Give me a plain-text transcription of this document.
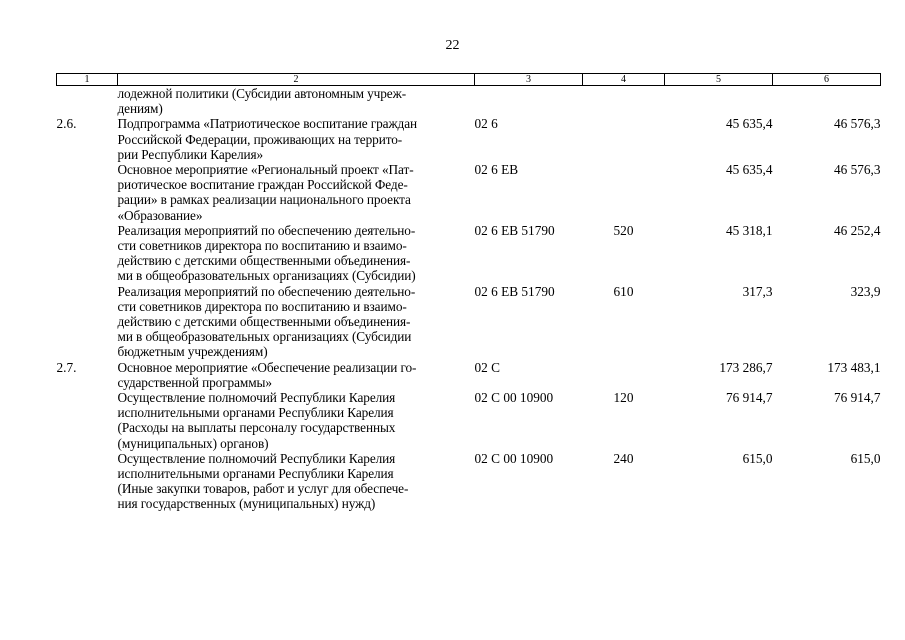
22
1	2	3	4	5	6
	лодежной политики (Субсидии автономным учреж-
дениям)				
2.6.	Подпрограмма «Патриотическое воспитание граждан
Российской Федерации, проживающих на террито-
рии Республики Карелия»	02 6		45 635,4	46 576,3
	Основное мероприятие «Региональный проект «Пат-
риотическое воспитание граждан Российской Феде-
рации» в рамках реализации национального проекта
«Образование»	02 6 EВ		45 635,4	46 576,3
	Реализация мероприятий по обеспечению деятельно-
сти советников директора по воспитанию и взаимо-
действию с детскими общественными объединения-
ми в общеобразовательных организациях (Субсидии)	02 6 EВ 51790	520	45 318,1	46 252,4
	Реализация мероприятий по обеспечению деятельно-
сти советников директора по воспитанию и взаимо-
действию с детскими общественными объединения-
ми в общеобразовательных организациях (Субсидии
бюджетным учреждениям)	02 6 EВ 51790	610	317,3	323,9
2.7.	Основное мероприятие «Обеспечение реализации го-
сударственной программы»	02 С		173 286,7	173 483,1
	Осуществление полномочий Республики Карелия
исполнительными органами Республики Карелия
(Расходы на выплаты персоналу государственных
(муниципальных) органов)	02 С 00 10900	120	76 914,7	76 914,7
	Осуществление полномочий Республики Карелия
исполнительными органами Республики Карелия
(Иные закупки товаров, работ и услуг для обеспече-
ния государственных (муниципальных) нужд)	02 С 00 10900	240	615,0	615,0
